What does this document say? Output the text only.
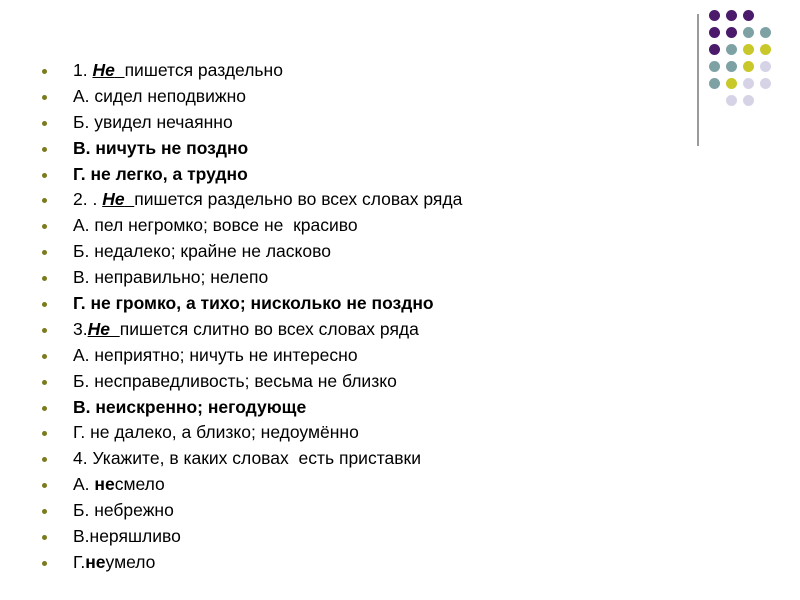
1. Не пишется раздельно
А. сидел неподвижно
Б. увидел нечаянно
В. ничуть не поздно
Г. не легко, а трудно
2. . Не пишется раздельно во всех словах ряда
А. пел негромко; вовсе не  красиво
Б. недалеко; крайне не ласково
В. неправильно; нелепо
Г. не громко, а тихо; нисколько не поздно
3.Не пишется слитно во всех словах ряда
А. неприятно; ничуть не интересно
Б. несправедливость; весьма не близко
В. неискренно; негодующе
Г. не далеко, а близко; недоумённо
4. Укажите, в каких словах  есть приставки
А. несмело
Б. небрежно
В.неряшливо
Г.неумело
